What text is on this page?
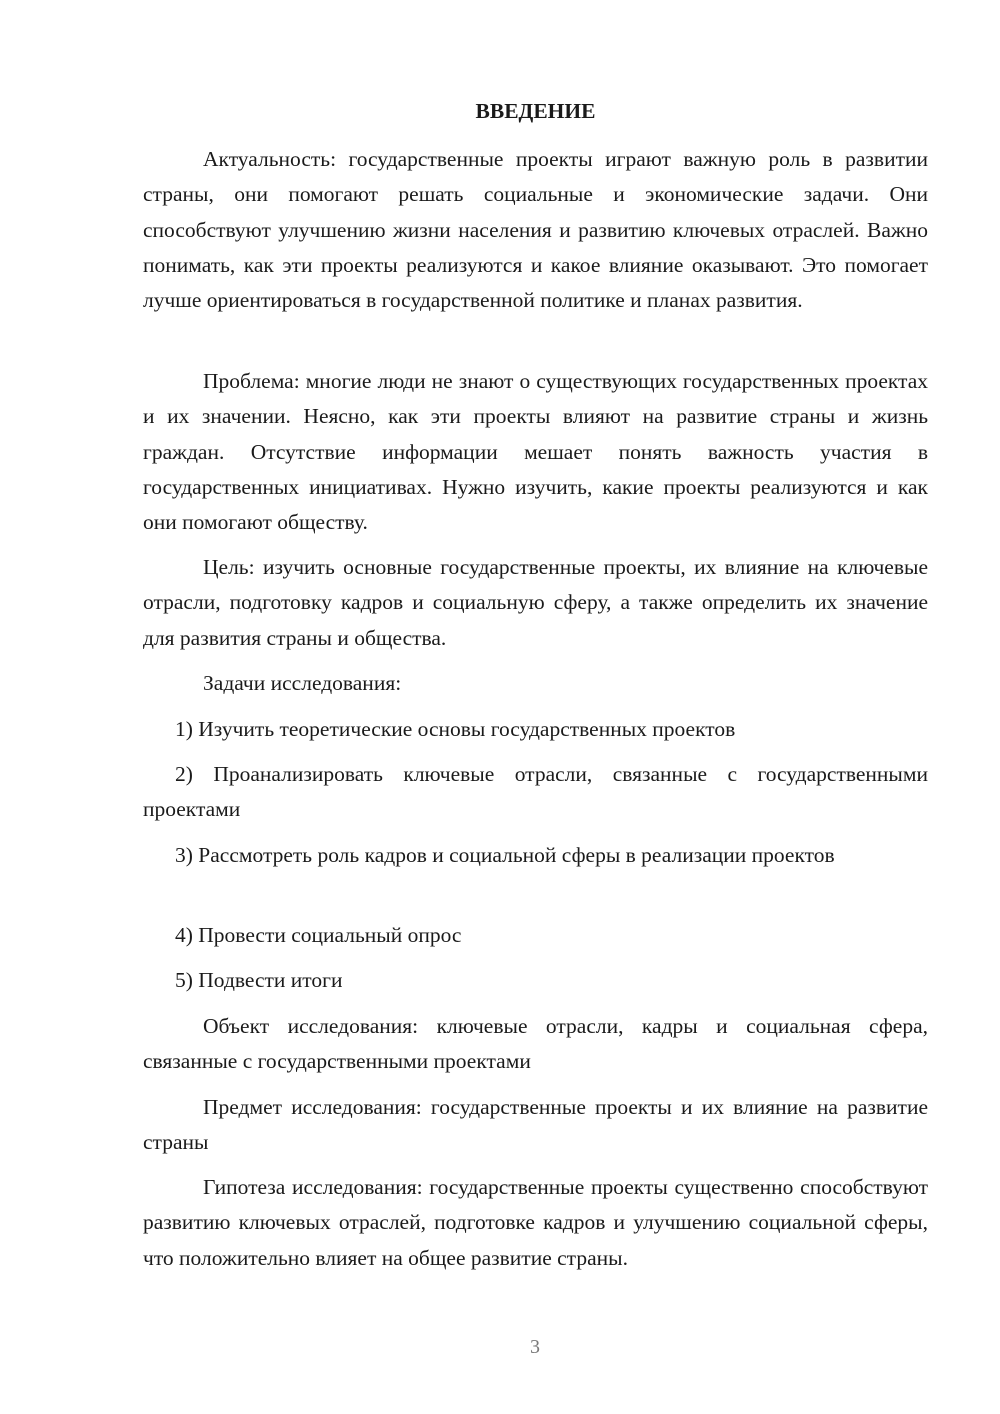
ВВЕДЕНИЕ

Актуальность: государственные проекты играют важную роль в развитии страны, они помогают решать социальные и экономические задачи. Они способствуют улучшению жизни населения и развитию ключевых отраслей. Важно понимать, как эти проекты реализуются и какое влияние оказывают. Это помогает лучше ориентироваться в государственной политике и планах развития.

Проблема: многие люди не знают о существующих государственных проектах и их значении. Неясно, как эти проекты влияют на развитие страны и жизнь граждан. Отсутствие информации мешает понять важность участия в государственных инициативах. Нужно изучить, какие проекты реализуются и как они помогают обществу.

Цель: изучить основные государственные проекты, их влияние на ключевые отрасли, подготовку кадров и социальную сферу, а также определить их значение для развития страны и общества.

Задачи исследования:

1) Изучить теоретические основы государственных проектов

2) Проанализировать ключевые отрасли, связанные с государственными проектами

3) Рассмотреть роль кадров и социальной сферы в реализации проектов

4) Провести социальный опрос

5) Подвести итоги

Объект исследования: ключевые отрасли, кадры и социальная сфера, связанные с государственными проектами

Предмет исследования: государственные проекты и их влияние на развитие страны

Гипотеза исследования: государственные проекты существенно способствуют развитию ключевых отраслей, подготовке кадров и улучшению социальной сферы, что положительно влияет на общее развитие страны.

3
